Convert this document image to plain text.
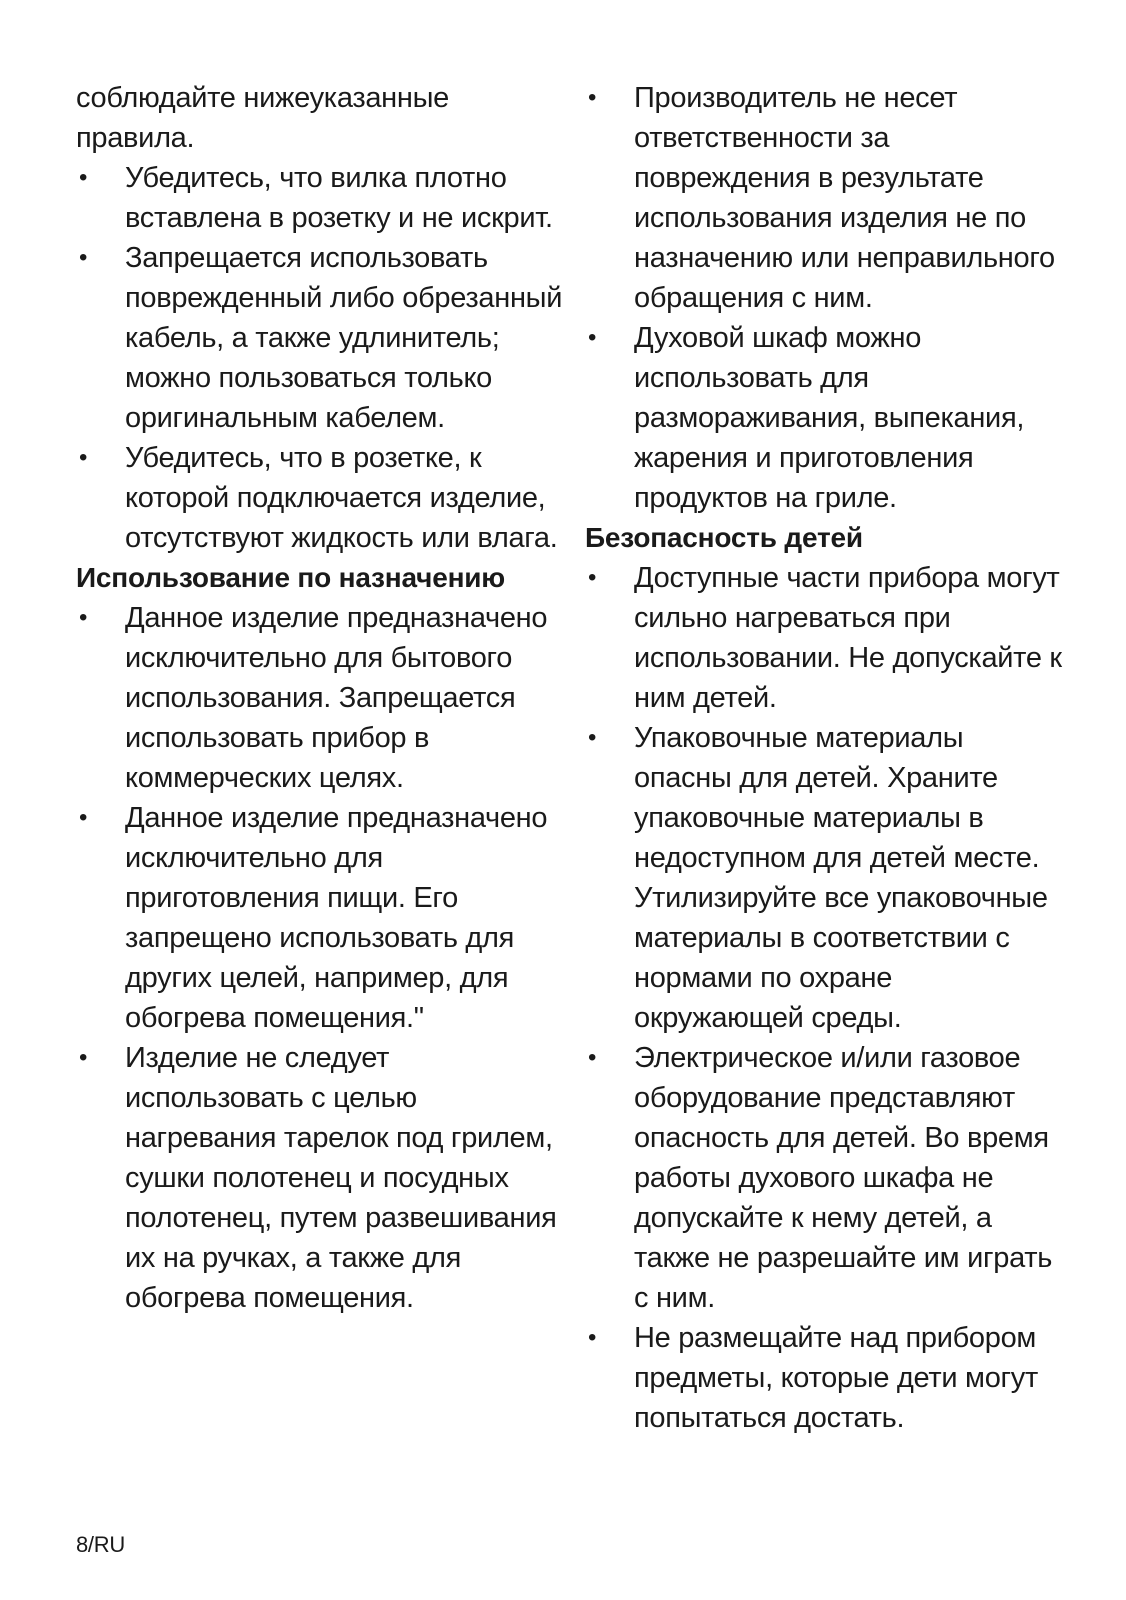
соблюдайте нижеуказанные правила.

• Убедитесь, что вилка плотно вставлена в розетку и не искрит.
• Запрещается использовать поврежденный либо обрезанный кабель, а также удлинитель; можно пользоваться только оригинальным кабелем.
• Убедитесь, что в розетке, к которой подключается изделие, отсутствуют жидкость или влага.
Использование по назначению
• Данное изделие предназначено исключительно для бытового использования. Запрещается использовать прибор в коммерческих целях.
• Данное изделие предназначено исключительно для приготовления пищи. Его запрещено использовать для других целей, например, для обогрева помещения."
• Изделие не следует использовать с целью нагревания тарелок под грилем, сушки полотенец и посудных полотенец, путем развешивания их на ручках, а также для обогрева помещения.
• Производитель не несет ответственности за повреждения в результате использования изделия не по назначению или неправильного обращения с ним.
• Духовой шкаф можно использовать для размораживания, выпекания, жарения и приготовления продуктов на гриле.
Безопасность детей
• Доступные части прибора могут сильно нагреваться при использовании. Не допускайте к ним детей.
• Упаковочные материалы опасны для детей. Храните упаковочные материалы в недоступном для детей месте. Утилизируйте все упаковочные материалы в соответствии с нормами по охране окружающей среды.
• Электрическое и/или газовое оборудование представляют опасность для детей. Во время работы духового шкафа не допускайте к нему детей, а также не разрешайте им играть с ним.
• Не размещайте над прибором предметы, которые дети могут попытаться достать.
8/RU
